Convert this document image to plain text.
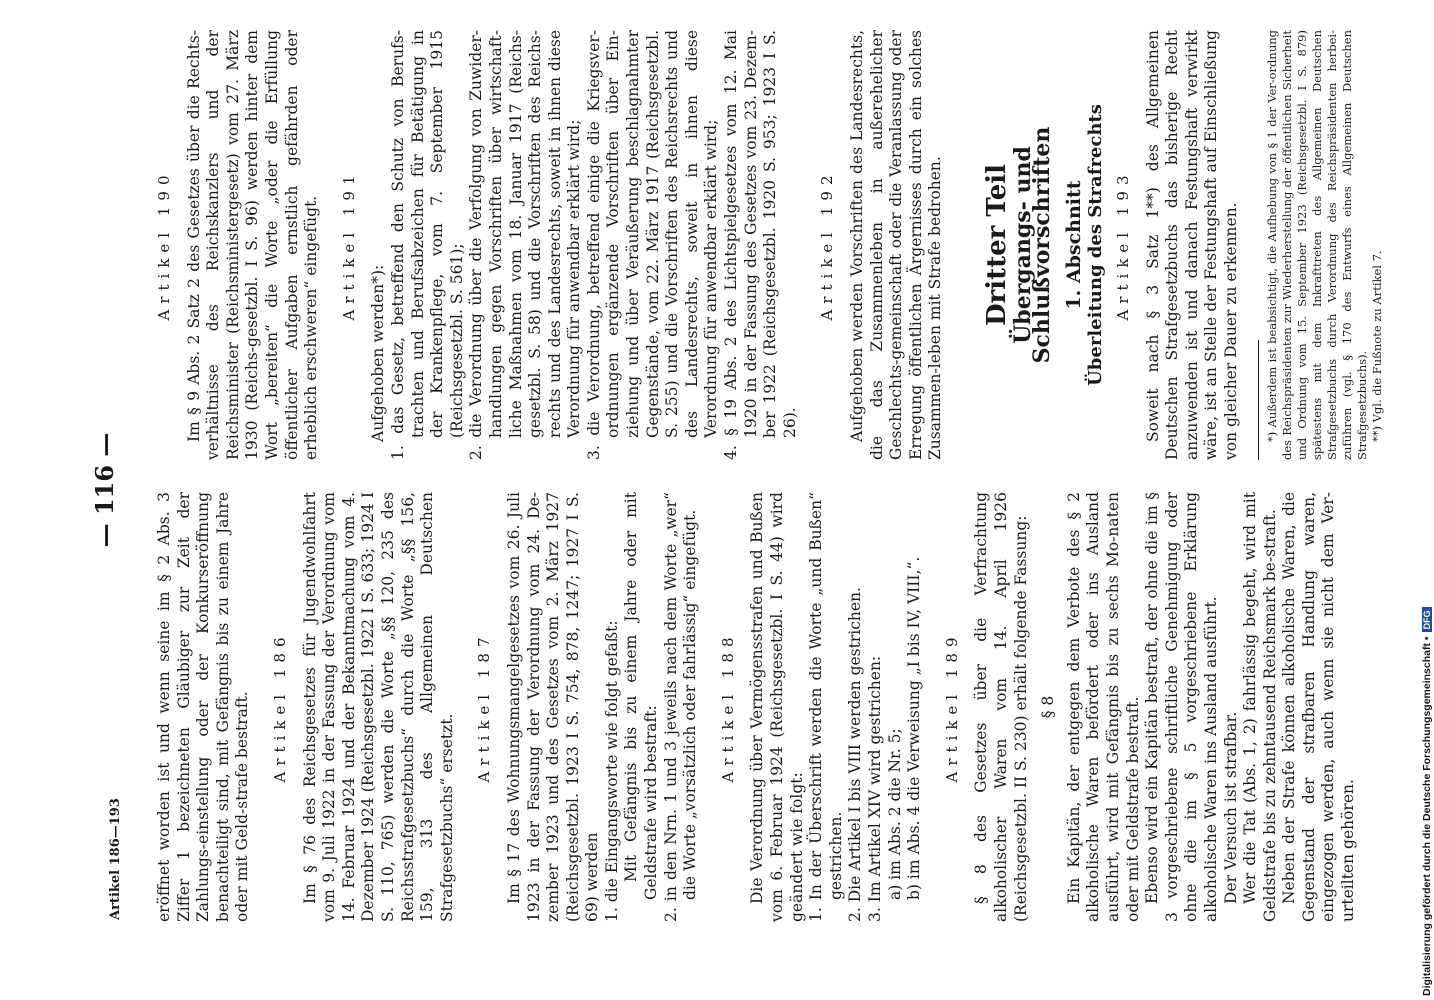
Artikel 186—193
— 116 —

eröffnet worden ist und wenn seine im § 2 Abs. 3 Ziffer 1 bezeichneten Gläubiger zur Zeit der Zahlungs-einstellung oder der Konkurseröffnung benachteiligt sind, mit Gefängnis bis zu einem Jahre oder mit Geld-strafe bestraft. Artikel 186 Im § 76 des Reichsgesetzes für Jugendwohlfahrt vom 9. Juli 1922 in der Fassung der Verordnung vom 14. Februar 1924 und der Bekanntmachung vom 4. Dezember 1924 (Reichsgesetzbl. 1922 I S. 633; 1924 I S. 110, 765) werden die Worte „§§ 120, 235 des Reichsstrafgesetzbuchs“ durch die Worte „§§ 156, 159, 313 des Allgemeinen Deutschen Strafgesetzbuchs“ ersetzt.

Artikel 187 Im § 17 des Wohnungsmangelgesetzes vom 26. Juli 1923 in der Fassung der Verordnung vom 24. De-zember 1923 und des Gesetzes vom 2. März 1927 (Reichsgesetzbl. 1923 I S. 754, 878, 1247; 1927 I S. 69) werden 1. die Eingangsworte wie folgt gefaßt: Mit Gefängnis bis zu einem Jahre oder mit Geldstrafe wird bestraft: 2. in den Nrn. 1 und 3 jeweils nach dem Worte „wer“ die Worte „vorsätzlich oder fahrlässig“ eingefügt. Artikel 188 Die Verordnung über Vermögensstrafen und Bußen vom 6. Februar 1924 (Reichsgesetzbl. I S. 44) wird geändert wie folgt: 1. In der Überschrift werden die Worte „und Bußen“ gestrichen. 2. Die Artikel I bis VIII werden gestrichen. 3. Im Artikel XIV wird gestrichen: a) im Abs. 2 die Nr. 5; b) im Abs. 4 die Verweisung „I bis IV, VIII,“. Artikel 189 § 8 des Gesetzes über die Verfrachtung alkoholischer Waren vom 14. April 1926 (Reichsgesetzbl. II S. 230) erhält folgende Fassung: § 8 Ein Kapitän, der entgegen dem Verbote des § 2 alkoholische Waren befördert oder ins Ausland ausführt, wird mit Gefängnis bis zu sechs Mo-naten oder mit Geldstrafe bestraft. Ebenso wird ein Kapitän bestraft, der ohne die im § 3 vorgeschriebene schriftliche Genehmigung oder ohne die im § 5 vorgeschriebene Erklärung alkoholische Waren ins Ausland ausführt. Der Versuch ist strafbar. Wer die Tat (Abs. 1, 2) fahrlässig begeht, wird mit Geldstrafe bis zu zehntausend Reichsmark be-straft. Neben der Strafe können alkoholische Waren, die Gegenstand der strafbaren Handlung waren, eingezogen werden, auch wenn sie nicht dem Ver-urteilten gehören.

Artikel 190 Im § 9 Abs. 2 Satz 2 des Gesetzes über die Rechts-verhältnisse des Reichskanzlers und der Reichsminister (Reichsministergesetz) vom 27. März 1930 (Reichs-gesetzbl. I S. 96) werden hinter dem Wort „bereiten“ die Worte „oder die Erfüllung öffentlicher Aufgaben ernstlich gefährden oder erheblich erschweren“ eingefügt. Artikel 191

Aufgehoben werden*): 1. das Gesetz, betreffend den Schutz von Berufs-trachten und Berufsabzeichen für Betätigung in der Krankenpflege, vom 7. September 1915 (Reichsgesetzbl. S. 561); 2. die Verordnung über die Verfolgung von Zuwider-handlungen gegen Vorschriften über wirtschaft-liche Maßnahmen vom 18. Januar 1917 (Reichs-gesetzbl. S. 58) und die Vorschriften des Reichs-rechts und des Landesrechts, soweit in ihnen diese Verordnung für anwendbar erklärt wird; 3. die Verordnung, betreffend einige die Kriegsver-ordnungen ergänzende Vorschriften über Ein-ziehung und über Veräußerung beschlagnahmter Gegenstände, vom 22. März 1917 (Reichsgesetzbl. S. 255) und die Vorschriften des Reichsrechts und des Landesrechts, soweit in ihnen diese Verordnung für anwendbar erklärt wird; 4. § 19 Abs. 2 des Lichtspielgesetzes vom 12. Mai 1920 in der Fassung des Gesetzes vom 23. Dezem-ber 1922 (Reichsgesetzbl. 1920 S. 953; 1923 I S. 26).

Artikel 192 Aufgehoben werden Vorschriften des Landesrechts, die das Zusammenleben in außerehelicher Geschlechts-gemeinschaft oder die Veranlassung oder Erregung öffentlichen Ärgernisses durch ein solches Zusammen-leben mit Strafe bedrohen. Dritter Teil
Übergangs- und Schlußvorschriften 1. Abschnitt Überleitung des Strafrechts Artikel 193 Soweit nach § 3 Satz 1**) des Allgemeinen Deutschen Strafgesetzbuchs das bisherige Recht anzuwenden ist und danach Festungshaft verwirkt wäre, ist an Stelle der Festungshaft auf Einschließung von gleicher Dauer zu erkennen. *) Außerdem ist beabsichtigt, die Aufhebung von § 1 der Ver-ordnung des Reichspräsidenten zur Wiederherstellung der öffentlichen Sicherheit und Ordnung vom 15. September 1923 (Reichsgesetzbl. I S. 879) spätestens mit dem Inkrafttreten des Allgemeinen Deutschen Strafgesetzbuchs durch Verordnung des Reichspräsidenten herbei-zuführen (vgl. § 170 des Entwurfs eines Allgemeinen Deutschen Strafgesetzbuchs). **) Vgl. die Fußnote zu Artikel 7.

Digitalisierung gefördert durch die Deutsche Forschungsgemeinschaft •DFG
